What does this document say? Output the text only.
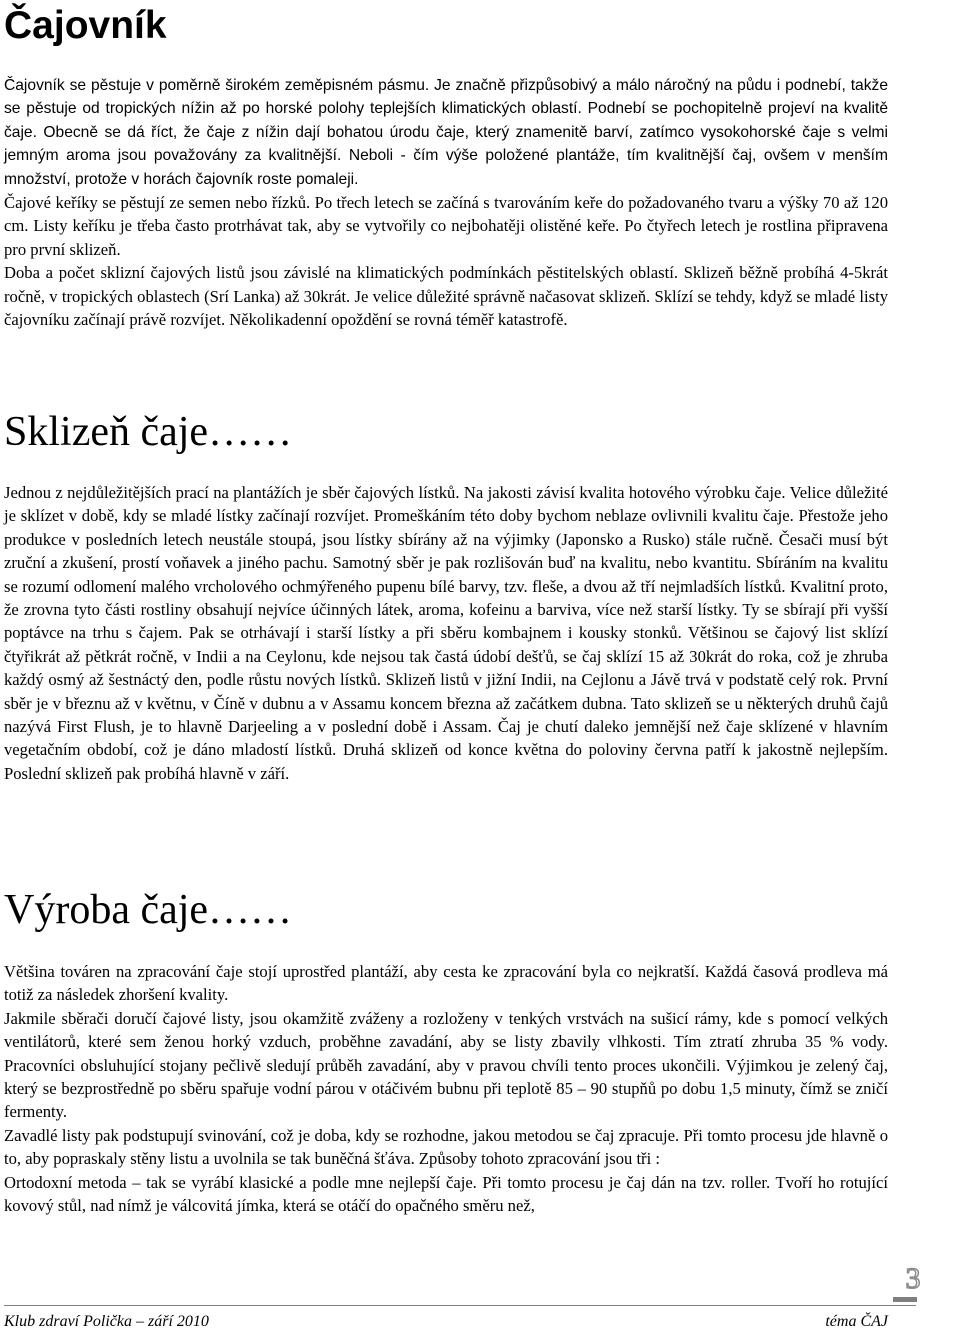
Čajovník

Čajovník se pěstuje v poměrně širokém zeměpisném pásmu. Je značně přizpůsobivý a málo náročný na půdu i podnebí, takže se pěstuje od tropických nížin až po horské polohy teplejších klimatických oblastí. Podnebí se pochopitelně projeví na kvalitě čaje. Obecně se dá říct, že čaje z nížin dají bohatou úrodu čaje, který znamenitě barví, zatímco vysokohorské čaje s velmi jemným aroma jsou považovány za kvalitnější. Neboli - čím výše položené plantáže, tím kvalitnější čaj, ovšem v menším množství, protože v horách čajovník roste pomaleji.

Čajové keříky se pěstují ze semen nebo řízků. Po třech letech se začíná s tvarováním keře do požadovaného tvaru a výšky 70 až 120 cm. Listy keříku je třeba často protrhávat tak, aby se vytvořily co nejbohatěji olistěné keře. Po čtyřech letech je rostlina připravena pro první sklizeň.

Doba a počet sklizní čajových listů jsou závislé na klimatických podmínkách pěstitelských oblastí. Sklizeň běžně probíhá 4-5krát ročně, v tropických oblastech (Srí Lanka) až 30krát. Je velice důležité správně načasovat sklizeň. Sklízí se tehdy, když se mladé listy čajovníku začínají právě rozvíjet. Několikadenní opoždění se rovná téměř katastrofě.

Sklizeň čaje……

Jednou z nejdůležitějších prací na plantážích je sběr čajových lístků. Na jakosti závisí kvalita hotového výrobku čaje. Velice důležité je sklízet v době, kdy se mladé lístky začínají rozvíjet. Promeškáním této doby bychom neblaze ovlivnili kvalitu čaje. Přestože jeho produkce v posledních letech neustále stoupá, jsou lístky sbírány až na výjimky (Japonsko a Rusko) stále ručně. Česači musí být zruční a zkušení, prostí voňavek a jiného pachu. Samotný sběr je pak rozlišován buď na kvalitu, nebo kvantitu. Sbíráním na kvalitu se rozumí odlomení malého vrcholového ochmýřeného pupenu bílé barvy, tzv. fleše, a dvou až tří nejmladších lístků. Kvalitní proto, že zrovna tyto části rostliny obsahují nejvíce účinných látek, aroma, kofeinu a barviva, více než starší lístky. Ty se sbírají při vyšší poptávce na trhu s čajem. Pak se otrhávají i starší lístky a při sběru kombajnem i kousky stonků. Většinou se čajový list sklízí čtyřikrát až pětkrát ročně, v Indii a na Ceylonu, kde nejsou tak častá údobí dešťů, se čaj sklízí 15 až 30krát do roka, což je zhruba každý osmý až šestnáctý den, podle růstu nových lístků. Sklizeň listů v jižní Indii, na Cejlonu a Jávě trvá v podstatě celý rok. První sběr je v březnu až v květnu, v Číně v dubnu a v Assamu koncem března až začátkem dubna. Tato sklizeň se u některých druhů čajů nazývá First Flush, je to hlavně Darjeeling a v poslední době i Assam. Čaj je chutí daleko jemnější než čaje sklízené v hlavním vegetačním období, což je dáno mladostí lístků. Druhá sklizeň od konce května do poloviny června patří k jakostně nejlepším. Poslední sklizeň pak probíhá hlavně v září.

Výroba čaje……

Většina továren na zpracování čaje stojí uprostřed plantáží, aby cesta ke zpracování byla co nejkratší. Každá časová prodleva má totiž za následek zhoršení kvality.

Jakmile sběrači doručí čajové listy, jsou okamžitě zváženy a rozloženy v tenkých vrstvách na sušicí rámy, kde s pomocí velkých ventilátorů, které sem ženou horký vzduch, proběhne zavadání, aby se listy zbavily vlhkosti. Tím ztratí zhruba 35 % vody. Pracovníci obsluhující stojany pečlivě sledují průběh zavadání, aby v pravou chvíli tento proces ukončili. Výjimkou je zelený čaj, který se bezprostředně po sběru spařuje vodní párou v otáčivém bubnu při teplotě 85 – 90 stupňů po dobu 1,5 minuty, čímž se zničí fermenty.

Zavadlé listy pak podstupují svinování, což je doba, kdy se rozhodne, jakou metodou se čaj zpracuje. Při tomto procesu jde hlavně o to, aby popraskaly stěny listu a uvolnila se tak buněčná šťáva. Způsoby tohoto zpracování jsou tři :

Ortodoxní metoda – tak se vyrábí klasické a podle mne nejlepší čaje. Při tomto procesu je čaj dán na tzv. roller. Tvoří ho rotující kovový stůl, nad nímž je válcovitá jímka, která se otáčí do opačného směru než,

3
Klub zdraví Polička – září 2010	téma ČAJ
